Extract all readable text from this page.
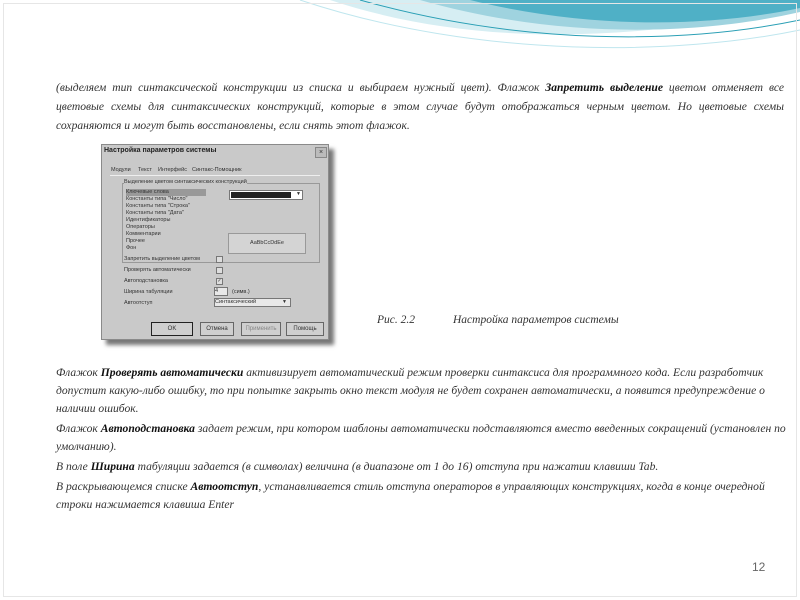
(выделяем тип синтаксической конструкции из списка и выбираем нужный цвет). Флажок Запретить выделение цветом отменяет все цветовые схемы для синтаксических конструкций, которые в этом случае будут отображаться черным цветом. Но цветовые схемы сохраняются и могут быть восстановлены, если снять этот флажок.
Настройка параметров системы	×
Модули Текст Интерфейс Синтакс-Помощник
Выделение цветом синтаксических конструкций
Ключевые слова
Константы типа "Число"
Константы типа "Строка"
Константы типа "Дата"
Идентификаторы
Операторы
Комментарии
Прочее
Фон
▼
AaBbCcDdEe
Запретить выделение цветом
Проверять автоматически
Автоподстановка	✓
Ширина табуляции	4	(симв.)
Автоотступ	Синтаксический	▼
OK	Отмена	Применить	Помощь
Рис. 2.2	Настройка параметров системы

Флажок Проверять автоматически активизирует автоматический режим проверки синтаксиса для программного кода. Если разработчик допустит какую-либо ошибку, то при попытке закрыть окно текст модуля не будет сохранен автоматически, а появится предупреждение о наличии ошибок.

Флажок Автоподстановка задает режим, при котором шаблоны автоматически подставляются вместо введенных сокращений (установлен по умолчанию).

В поле Ширина табуляции задается (в символах) величина (в диапазоне от 1 до 16) отступа при нажатии клавиши Tab.

В раскрывающемся списке Автоотступ, устанавливается стиль отступа операторов в управляющих конструкциях, когда в конце очередной строки нажимается клавиша Enter

12
